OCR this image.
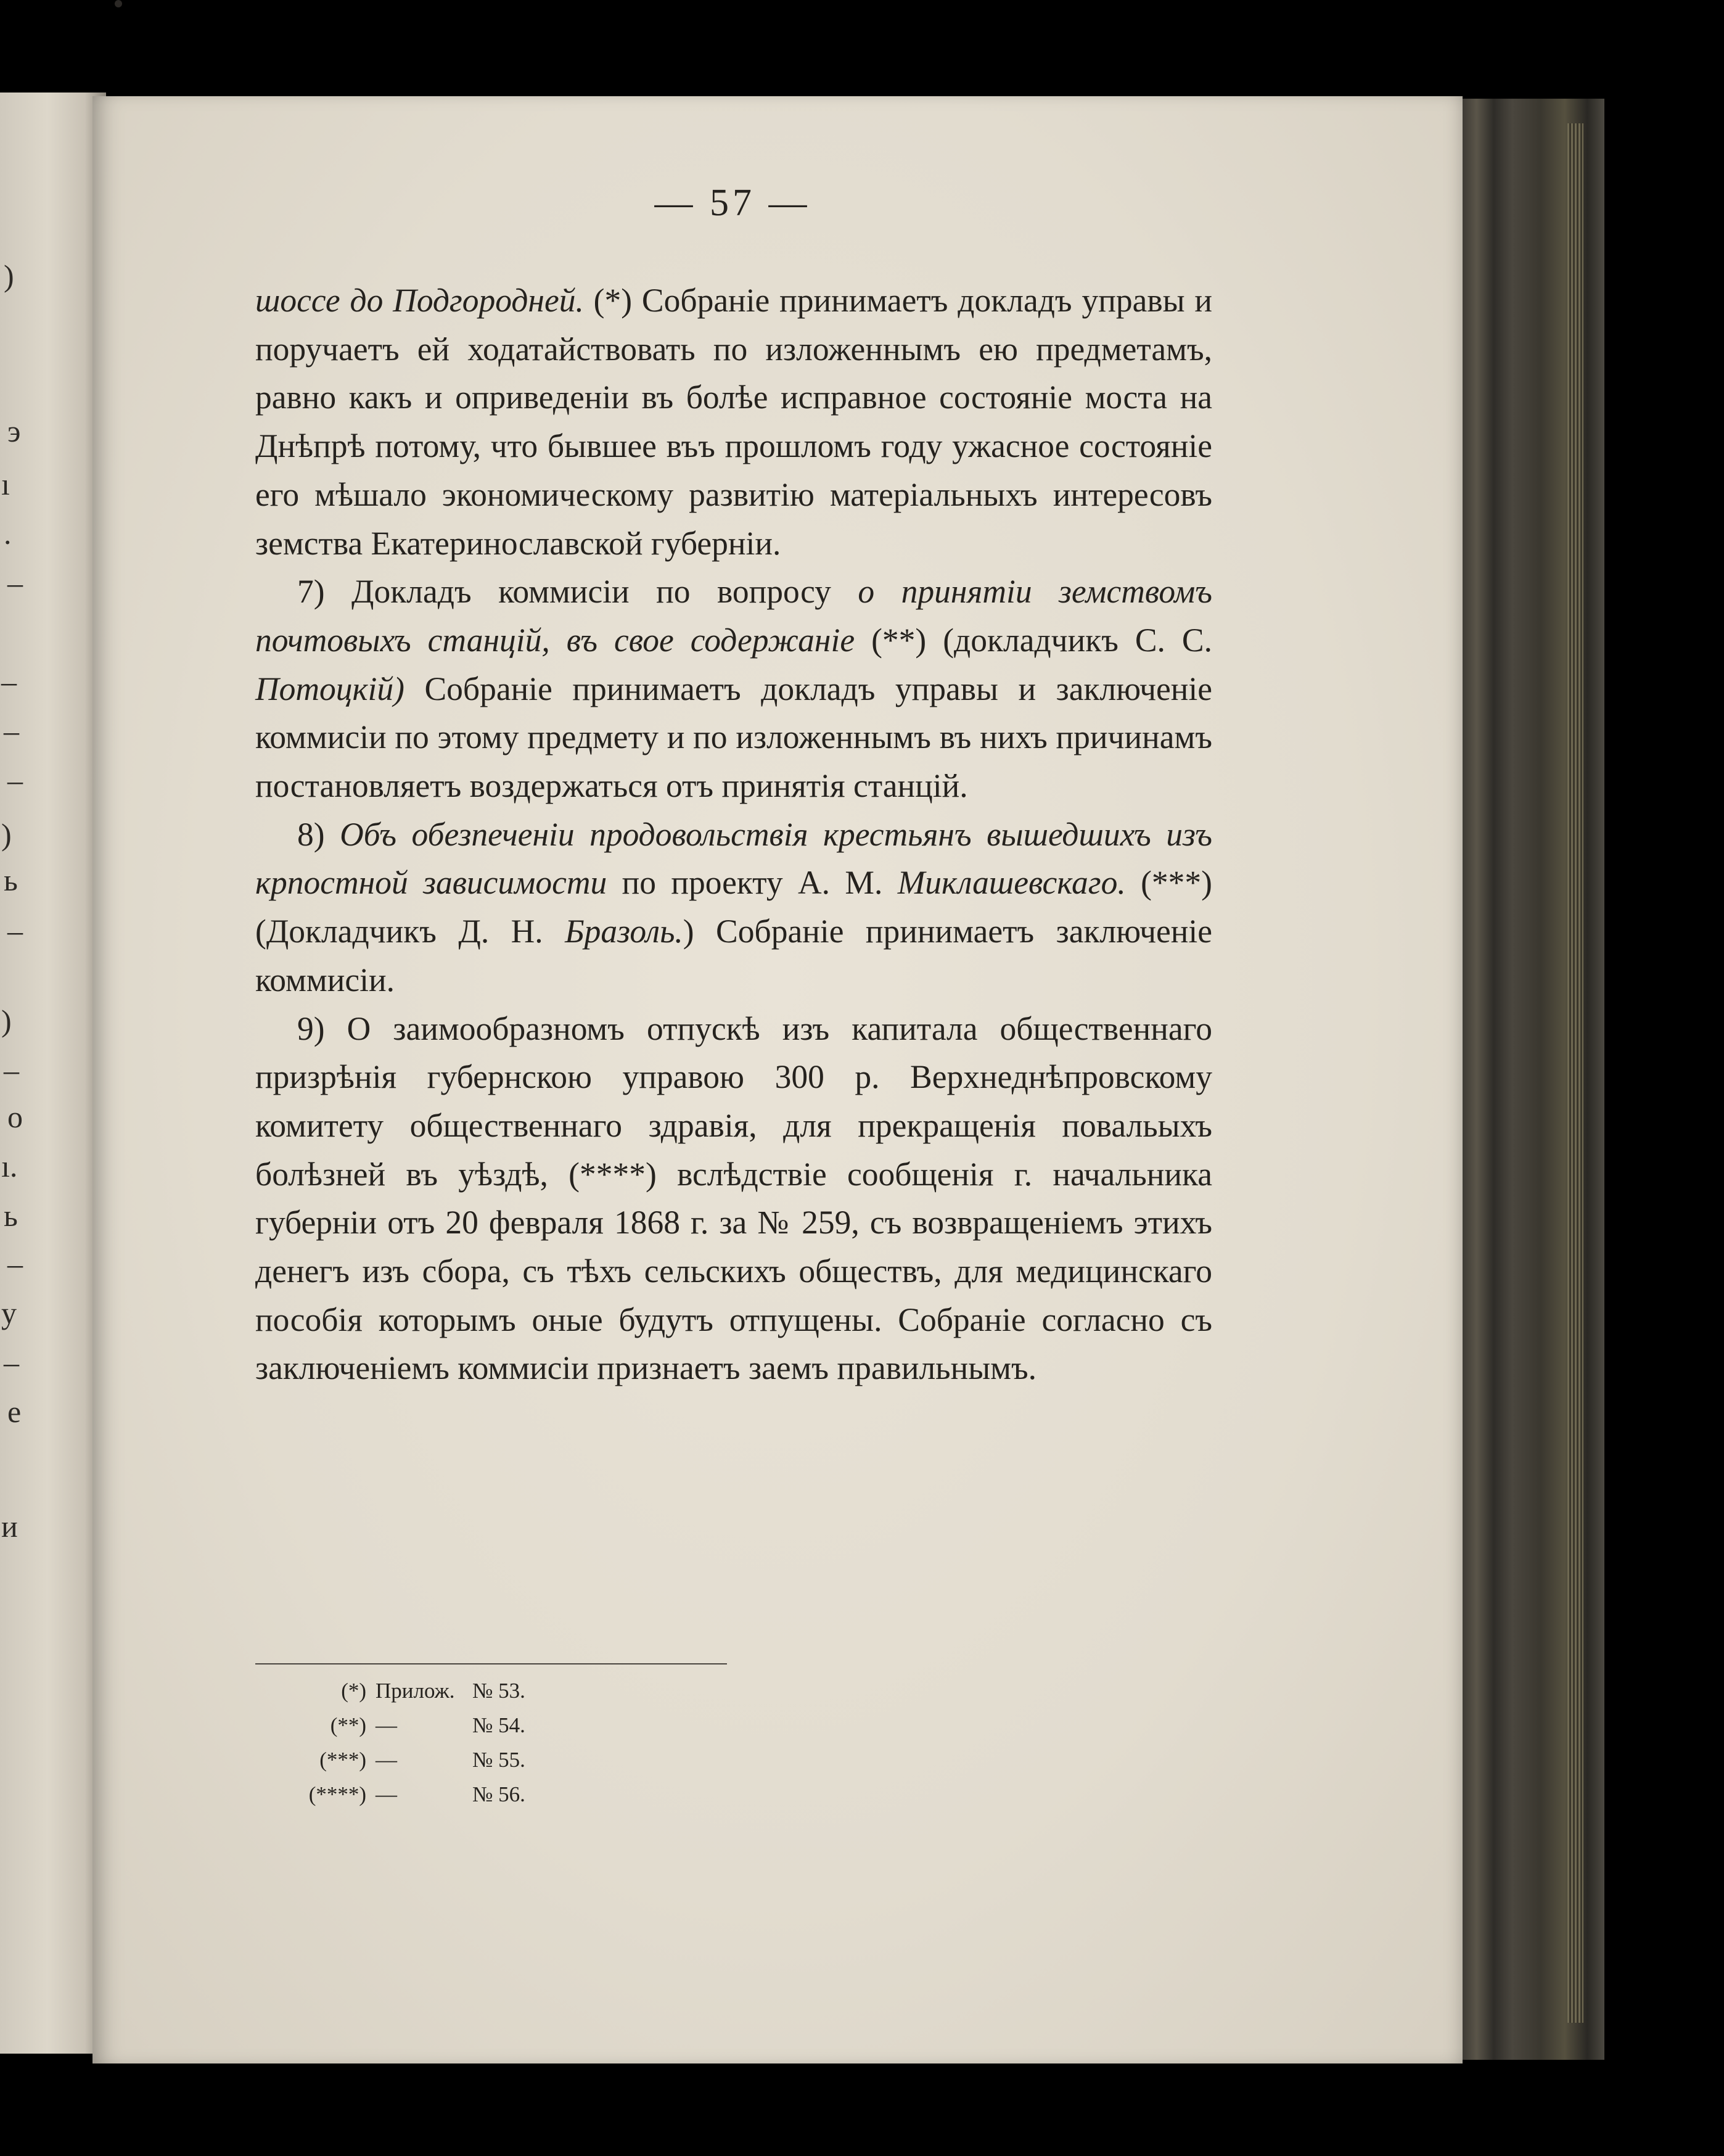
)
э
ı
.
–
–
–
–
)
ь
–
)
–
о
ı.
ь
–
у
–
е
и
— 57 —

шоссе до Подгородней. (*) Собраніе принимаетъ докладъ управы и поручаетъ ей ходатайствовать по изложеннымъ ею предметамъ, равно какъ и оприведеніи въ болѣе исправное состояніе моста на Днѣпрѣ потому, что бывшее въъ прошломъ году ужасное состояніе его мѣшало экономическому развитію матеріальныхъ интересовъ земства Екатеринославской губерніи.

7) Докладъ коммисіи по вопросу о принятіи земствомъ почтовыхъ станцій, въ свое содержаніе (**) (докладчикъ С. С. Потоцкій) Собраніе принимаетъ докладъ управы и заключеніе коммисіи по этому предмету и по изложеннымъ въ нихъ причинамъ постановляетъ воздержаться отъ принятія станцій.

8) Объ обезпеченіи продовольствія крестьянъ вышедшихъ изъ крпостной зависимости по проекту А. М. Миклашевскаго. (***) (Докладчикъ Д. Н. Бразоль.) Собраніе принимаетъ заключеніе коммисіи.

9) О заимообразномъ отпускѣ изъ капитала общественнаго призрѣнія губернскою управою 300 р. Верхнеднѣпровскому комитету общественнаго здравія, для прекращенія повальыхъ болѣзней въ уѣздѣ, (****) вслѣдствіе сообщенія г. начальника губерніи отъ 20 февраля 1868 г. за № 259, съ возвращеніемъ этихъ денегъ изъ сбора, съ тѣхъ сельскихъ обществъ, для медицинскаго пособія которымъ оные будутъ отпущены. Собраніе согласно съ заключеніемъ коммисіи признаетъ заемъ правильнымъ.

(*) Прилож. № 53.
(**) —	№ 54.
(***) —	№ 55.
(****) —	№ 56.
